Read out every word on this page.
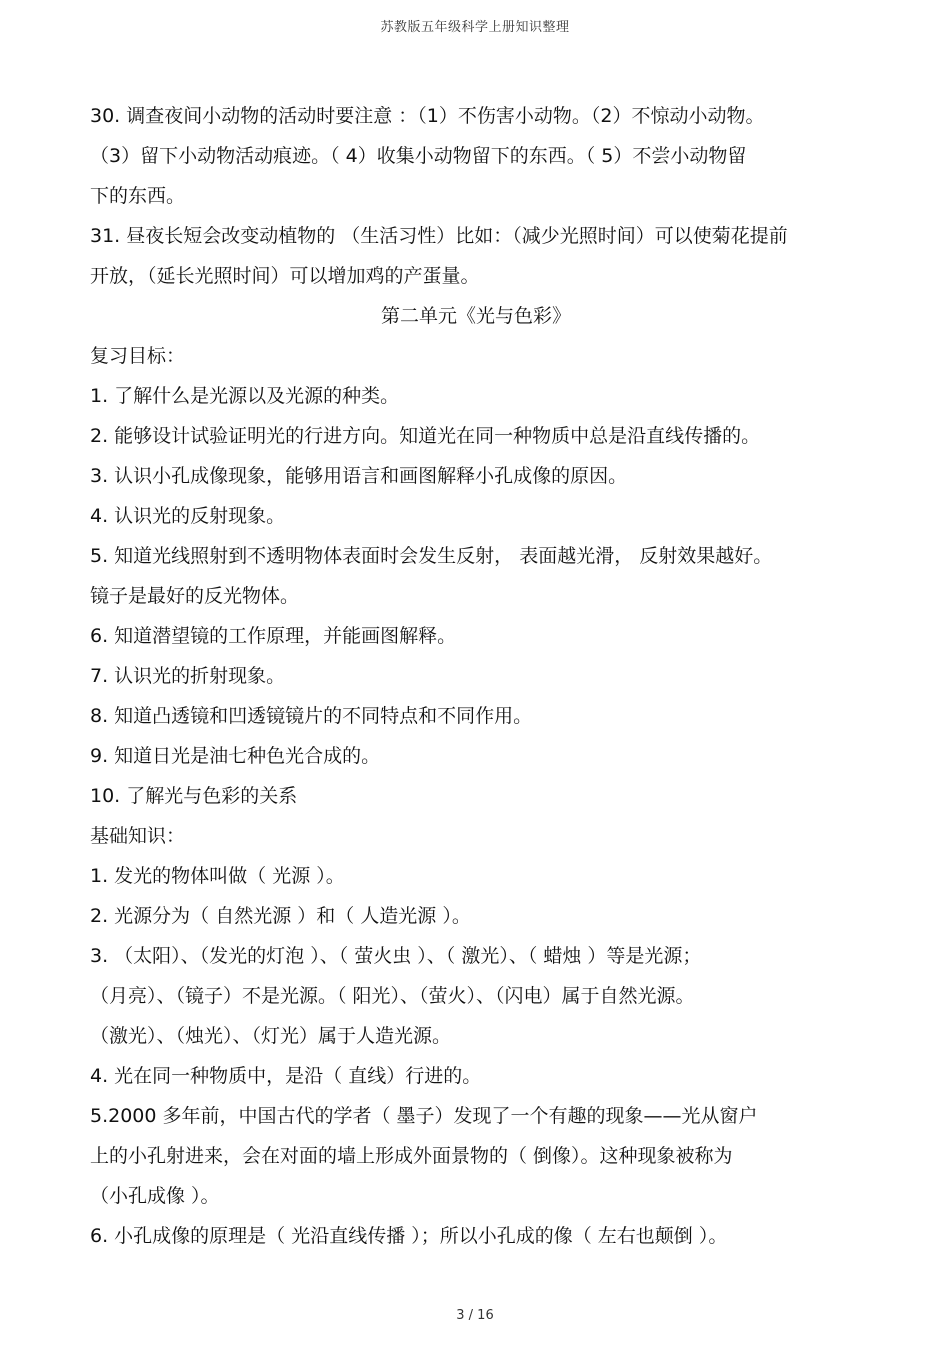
苏教版五年级科学上册知识整理
30. 调查夜间小动物的活动时要注意 ：（1）不伤害小动物。（2）不惊动小动物。
（3）留下小动物活动痕迹。（ 4）收集小动物留下的东西。（ 5）不尝小动物留
下的东西。
31. 昼夜长短会改变动植物的 （生活习性）比如：（减少光照时间）可以使菊花提前
开放，（延长光照时间）可以增加鸡的产蛋量。
第二单元《光与色彩》
复习目标：
1. 了解什么是光源以及光源的种类。
2. 能够设计试验证明光的行进方向。知道光在同一种物质中总是沿直线传播的。
3. 认识小孔成像现象，能够用语言和画图解释小孔成像的原因。
4. 认识光的反射现象。
5. 知道光线照射到不透明物体表面时会发生反射， 表面越光滑， 反射效果越好。
镜子是最好的反光物体。
6. 知道潜望镜的工作原理，并能画图解释。
7. 认识光的折射现象。
8. 知道凸透镜和凹透镜镜片的不同特点和不同作用。
9. 知道日光是油七种色光合成的。
10. 了解光与色彩的关系
基础知识：
1. 发光的物体叫做（ 光源 ）。
2. 光源分为（ 自然光源 ）和（ 人造光源 ）。
3. （太阳）、（发光的灯泡 ）、（ 萤火虫 ）、（ 激光）、（ 蜡烛 ）等是光源；
（月亮）、（镜子）不是光源。（ 阳光）、（萤火）、（闪电）属于自然光源。
（激光）、（烛光）、（灯光）属于人造光源。
4. 光在同一种物质中，是沿（ 直线）行进的。
5.2000 多年前，中国古代的学者（ 墨子）发现了一个有趣的现象——光从窗户
上的小孔射进来，会在对面的墙上形成外面景物的（ 倒像）。这种现象被称为
（小孔成像 ）。
6. 小孔成像的原理是（ 光沿直线传播 ）；所以小孔成的像（ 左右也颠倒 ）。
3 / 16
